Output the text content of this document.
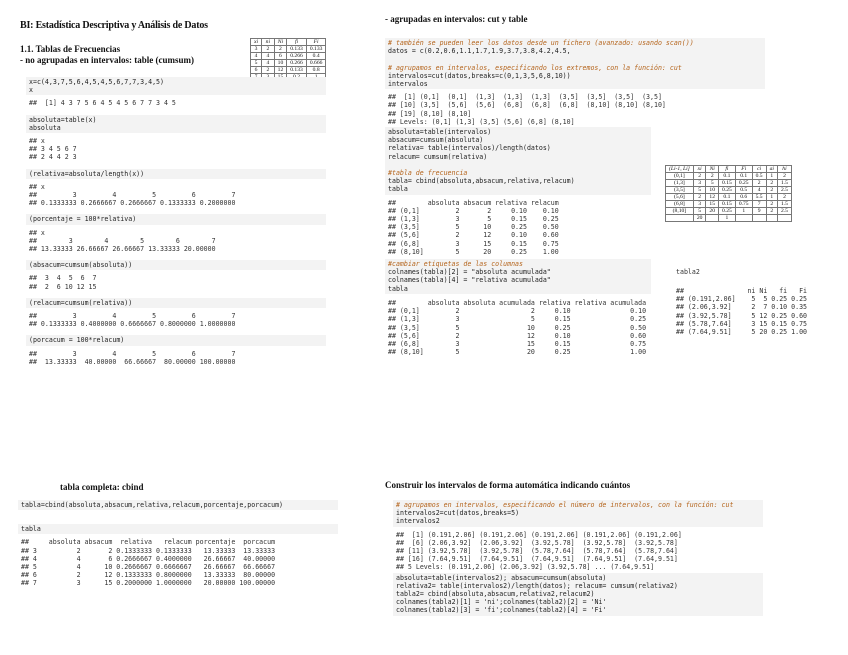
BI: Estadística Descriptiva y Análisis de Datos
1.1. Tablas de Frecuencias
- no agrupadas en intervalos: table (cumsum)
xi	ni	Ni	fi	Fi
3	2	2	0.133	0.133
4	4	6	0.266	0.4
5	4	10	0.266	0.666
6	2	12	0.133	0.8

x=c(4,3,7,5,6,4,5,4,5,6,7,7,3,4,5)
x
##  [1] 4 3 7 5 6 4 5 4 5 6 7 7 3 4 5
absoluta=table(x)
absoluta
## x
## 3 4 5 6 7
## 2 4 4 2 3
(relativa=absoluta/length(x))
## x
##         3         4         5         6         7
## 0.1333333 0.2666667 0.2666667 0.1333333 0.2000000
(porcentaje = 100*relativa)
## x
##        3        4        5        6        7
## 13.33333 26.66667 26.66667 13.33333 20.00000
(absacum=cumsum(absoluta))
##  3  4  5  6  7
##  2  6 10 12 15
(relacum=cumsum(relativa))
##         3         4         5         6         7
## 0.1333333 0.4000000 0.6666667 0.8000000 1.0000000
(porcacum = 100*relacum)
##         3         4         5         6         7
##  13.33333  40.00000  66.66667  80.00000 100.00000
tabla completa: cbind
tabla=cbind(absoluta,absacum,relativa,relacum,porcentaje,porcacum)
tabla
##     absoluta absacum  relativa   relacum porcentaje  porcacum
## 3          2       2 0.1333333 0.1333333   13.33333  13.33333
## 4          4       6 0.2666667 0.4000000   26.66667  40.00000
## 5          4      10 0.2666667 0.6666667   26.66667  66.66667
## 6          2      12 0.1333333 0.8000000   13.33333  80.00000
## 7          3      15 0.2000000 1.0000000   20.00000 100.00000
- agrupadas en intervalos: cut y table
# también se pueden leer los datos desde un fichero (avanzado: usando scan())
datos = c(0.2,0.6,1.1,1.7,1.9,3.7,3.8,4.2,4.5,

# agrupamos en intervalos, especificando los extremos, con la función: cut
intervalos=cut(datos,breaks=c(0,1,3,5,6,8,10))
intervalos
##  [1] (0,1]  (0,1]  (1,3]  (1,3]  (1,3]  (3,5]  (3,5]  (3,5]  (3,5]
## [10] (3,5]  (5,6]  (5,6]  (6,8]  (6,8]  (6,8]  (8,10] (8,10] (8,10]
## [19] (8,10] (8,10]
## Levels: (0,1] (1,3] (3,5] (5,6] (6,8] (8,10]
absoluta=table(intervalos)
absacum=cumsum(absoluta)
relativa= table(intervalos)/length(datos)
relacum= cumsum(relativa)

#tabla de frecuencia
tabla= cbind(absoluta,absacum,relativa,relacum)
tabla
##        absoluta absacum relativa relacum
## (0,1]         2       2     0.10    0.10
## (1,3]         3       5     0.15    0.25
## (3,5]         5      10     0.25    0.50
## (5,6]         2      12     0.10    0.60
## (6,8]         3      15     0.15    0.75
## (8,10]        5      20     0.25    1.00
#cambiar etiquetas de las columnas
colnames(tabla)[2] = "absoluta acumulada"
colnames(tabla)[4] = "relativa acumulada"
tabla
##        absoluta absoluta acumulada relativa relativa acumulada
## (0,1]         2                  2     0.10               0.10
## (1,3]         3                  5     0.15               0.25
## (3,5]         5                 10     0.25               0.50
## (5,6]         2                 12     0.10               0.60
## (6,8]         3                 15     0.15               0.75
## (8,10]        5                 20     0.25               1.00
(Li-1, Li]	xi	Ni	fi	Fi	ci	ai	hi
(0,1]	2	2	0.1	0.1	0.5	1	2
(1,3]	3	5	0.15	0.25	2	2	1.5
(3,5]	5	10	0.25	0.5	4	2	2.5
(5,6]	2	12	0.1	0.6	5.5	1	2
(6,8]	3	15	0.15	0.75	7	2	1.5
(8,10]	5	20	0.25	1	9	2	2.5
	20		1				
tabla2
##                ni Ni   fi   Fi
## (0.191,2.06]    5  5 0.25 0.25
## (2.06,3.92]     2  7 0.10 0.35
## (3.92,5.78]     5 12 0.25 0.60
## (5.78,7.64]     3 15 0.15 0.75
## (7.64,9.51]     5 20 0.25 1.00
Construir los intervalos de forma automática indicando cuántos
# agrupamos en intervalos, especificando el número de intervalos, con la función: cut
intervalos2=cut(datos,breaks=5)
intervalos2
##  [1] (0.191,2.06] (0.191,2.06] (0.191,2.06] (0.191,2.06] (0.191,2.06]
##  [6] (2.06,3.92]  (2.06,3.92]  (3.92,5.78]  (3.92,5.78]  (3.92,5.78]
## [11] (3.92,5.78]  (3.92,5.78]  (5.78,7.64]  (5.78,7.64]  (5.78,7.64]
## [16] (7.64,9.51]  (7.64,9.51]  (7.64,9.51]  (7.64,9.51]  (7.64,9.51]
## 5 Levels: (0.191,2.06] (2.06,3.92] (3.92,5.78] ... (7.64,9.51]
absoluta=table(intervalos2); absacum=cumsum(absoluta)
relativa2= table(intervalos2)/length(datos); relacum= cumsum(relativa2)
tabla2= cbind(absoluta,absacum,relativa2,relacum2)
colnames(tabla2)[1] = 'ni';colnames(tabla2)[2] = 'Ni'
colnames(tabla2)[3] = 'fi';colnames(tabla2)[4] = 'Fi'
